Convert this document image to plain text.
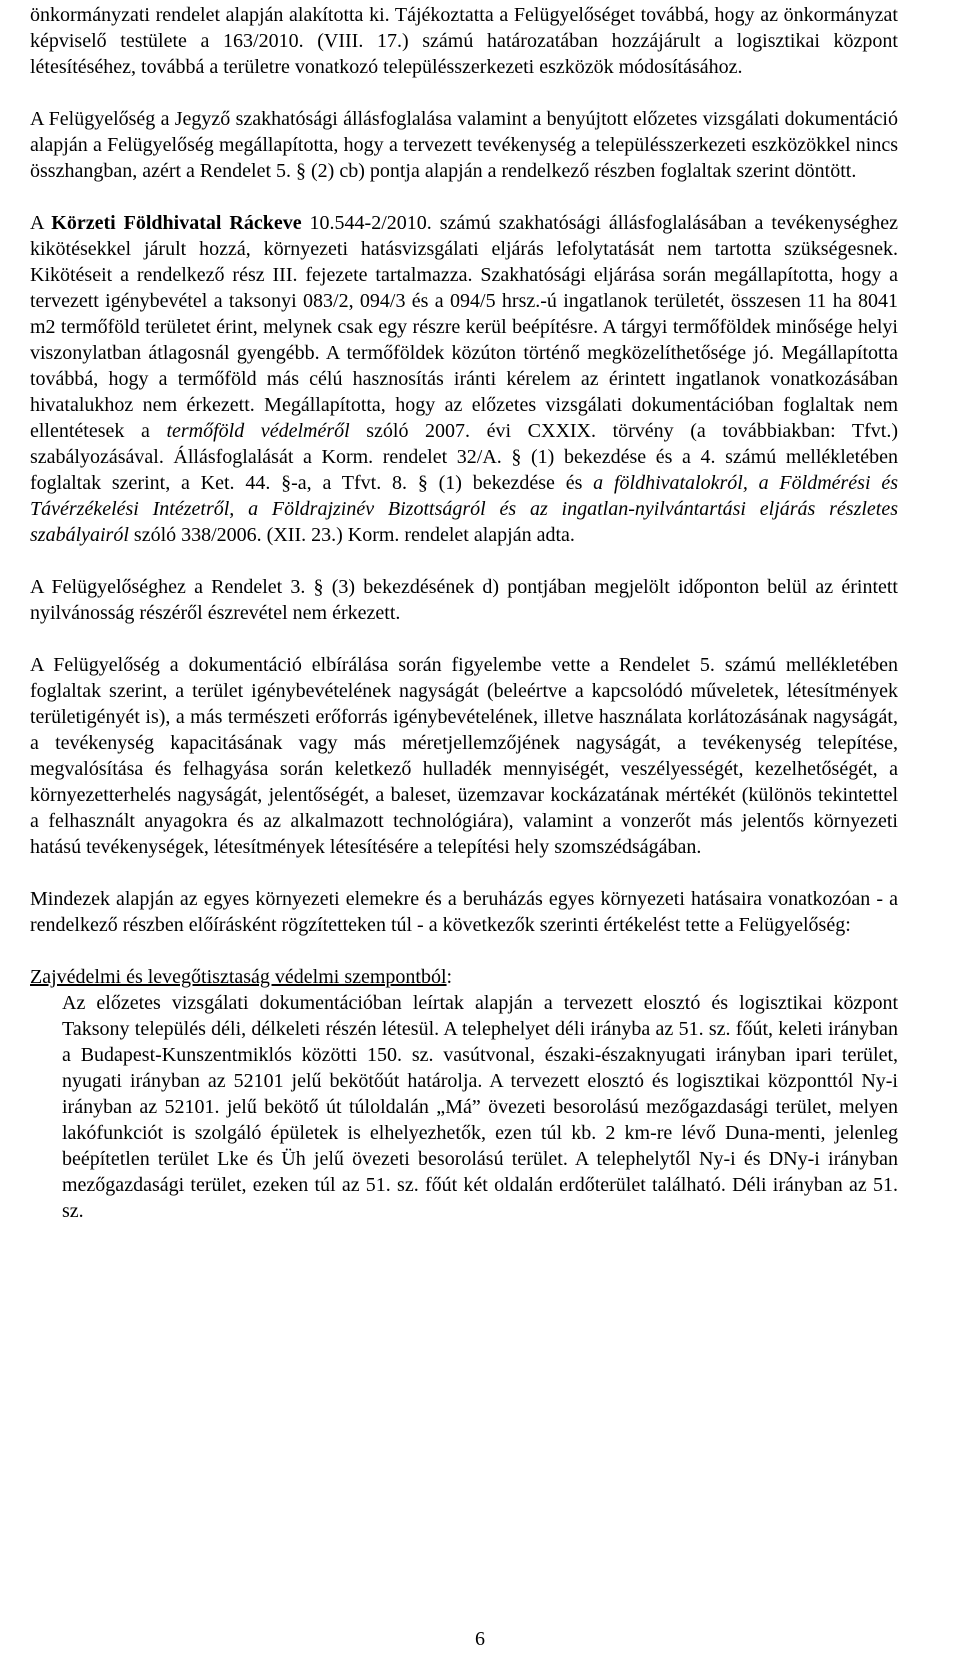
önkormányzati rendelet alapján alakította ki. Tájékoztatta a Felügyelőséget továbbá, hogy az önkormányzat képviselő testülete a 163/2010. (VIII. 17.) számú határozatában hozzájárult a logisztikai központ létesítéséhez, továbbá a területre vonatkozó településszerkezeti eszközök módosításához.

A Felügyelőség a Jegyző szakhatósági állásfoglalása valamint a benyújtott előzetes vizsgálati dokumentáció alapján a Felügyelőség megállapította, hogy a tervezett tevékenység a településszerkezeti eszközökkel nincs összhangban, azért a Rendelet 5. § (2) cb) pontja alapján a rendelkező részben foglaltak szerint döntött.

A Körzeti Földhivatal Ráckeve 10.544-2/2010. számú szakhatósági állásfoglalásában a tevékenységhez kikötésekkel járult hozzá, környezeti hatásvizsgálati eljárás lefolytatását nem tartotta szükségesnek. Kikötéseit a rendelkező rész III. fejezete tartalmazza. Szakhatósági eljárása során megállapította, hogy a tervezett igénybevétel a taksonyi 083/2, 094/3 és a 094/5 hrsz.-ú ingatlanok területét, összesen 11 ha 8041 m2 termőföld területet érint, melynek csak egy részre kerül beépítésre. A tárgyi termőföldek minősége helyi viszonylatban átlagosnál gyengébb. A termőföldek közúton történő megközelíthetősége jó. Megállapította továbbá, hogy a termőföld más célú hasznosítás iránti kérelem az érintett ingatlanok vonatkozásában hivatalukhoz nem érkezett. Megállapította, hogy az előzetes vizsgálati dokumentációban foglaltak nem ellentétesek a termőföld védelméről szóló 2007. évi CXXIX. törvény (a továbbiakban: Tfvt.) szabályozásával. Állásfoglalását a Korm. rendelet 32/A. § (1) bekezdése és a 4. számú mellékletében foglaltak szerint, a Ket. 44. §-a, a Tfvt. 8. § (1) bekezdése és a földhivatalokról, a Földmérési és Távérzékelési Intézetről, a Földrajzinév Bizottságról és az ingatlan-nyilvántartási eljárás részletes szabályairól szóló 338/2006. (XII. 23.) Korm. rendelet alapján adta.

A Felügyelőséghez a Rendelet 3. § (3) bekezdésének d) pontjában megjelölt időponton belül az érintett nyilvánosság részéről észrevétel nem érkezett.

A Felügyelőség a dokumentáció elbírálása során figyelembe vette a Rendelet 5. számú mellékletében foglaltak szerint, a terület igénybevételének nagyságát (beleértve a kapcsolódó műveletek, létesítmények területigényét is), a más természeti erőforrás igénybevételének, illetve használata korlátozásának nagyságát, a tevékenység kapacitásának vagy más méretjellemzőjének nagyságát, a tevékenység telepítése, megvalósítása és felhagyása során keletkező hulladék mennyiségét, veszélyességét, kezelhetőségét, a környezetterhelés nagyságát, jelentőségét, a baleset, üzemzavar kockázatának mértékét (különös tekintettel a felhasznált anyagokra és az alkalmazott technológiára), valamint a vonzerőt más jelentős környezeti hatású tevékenységek, létesítmények létesítésére a telepítési hely szomszédságában.

Mindezek alapján az egyes környezeti elemekre és a beruházás egyes környezeti hatásaira vonatkozóan - a rendelkező részben előírásként rögzítetteken túl - a következők szerinti értékelést tette a Felügyelőség:

Zajvédelmi és levegőtisztaság védelmi szempontból:

Az előzetes vizsgálati dokumentációban leírtak alapján a tervezett elosztó és logisztikai központ Taksony település déli, délkeleti részén létesül. A telephelyet déli irányba az 51. sz. főút, keleti irányban a Budapest-Kunszentmiklós közötti 150. sz. vasútvonal, északi-északnyugati irányban ipari terület, nyugati irányban az 52101 jelű bekötőút határolja. A tervezett elosztó és logisztikai központtól Ny-i irányban az 52101. jelű bekötő út túloldalán „Má” övezeti besorolású mezőgazdasági terület, melyen lakófunkciót is szolgáló épületek is elhelyezhetők, ezen túl kb. 2 km-re lévő Duna-menti, jelenleg beépítetlen terület Lke és Üh jelű övezeti besorolású terület. A telephelytől Ny-i és DNy-i irányban mezőgazdasági terület, ezeken túl az 51. sz. főút két oldalán erdőterület található. Déli irányban az 51. sz.

6
